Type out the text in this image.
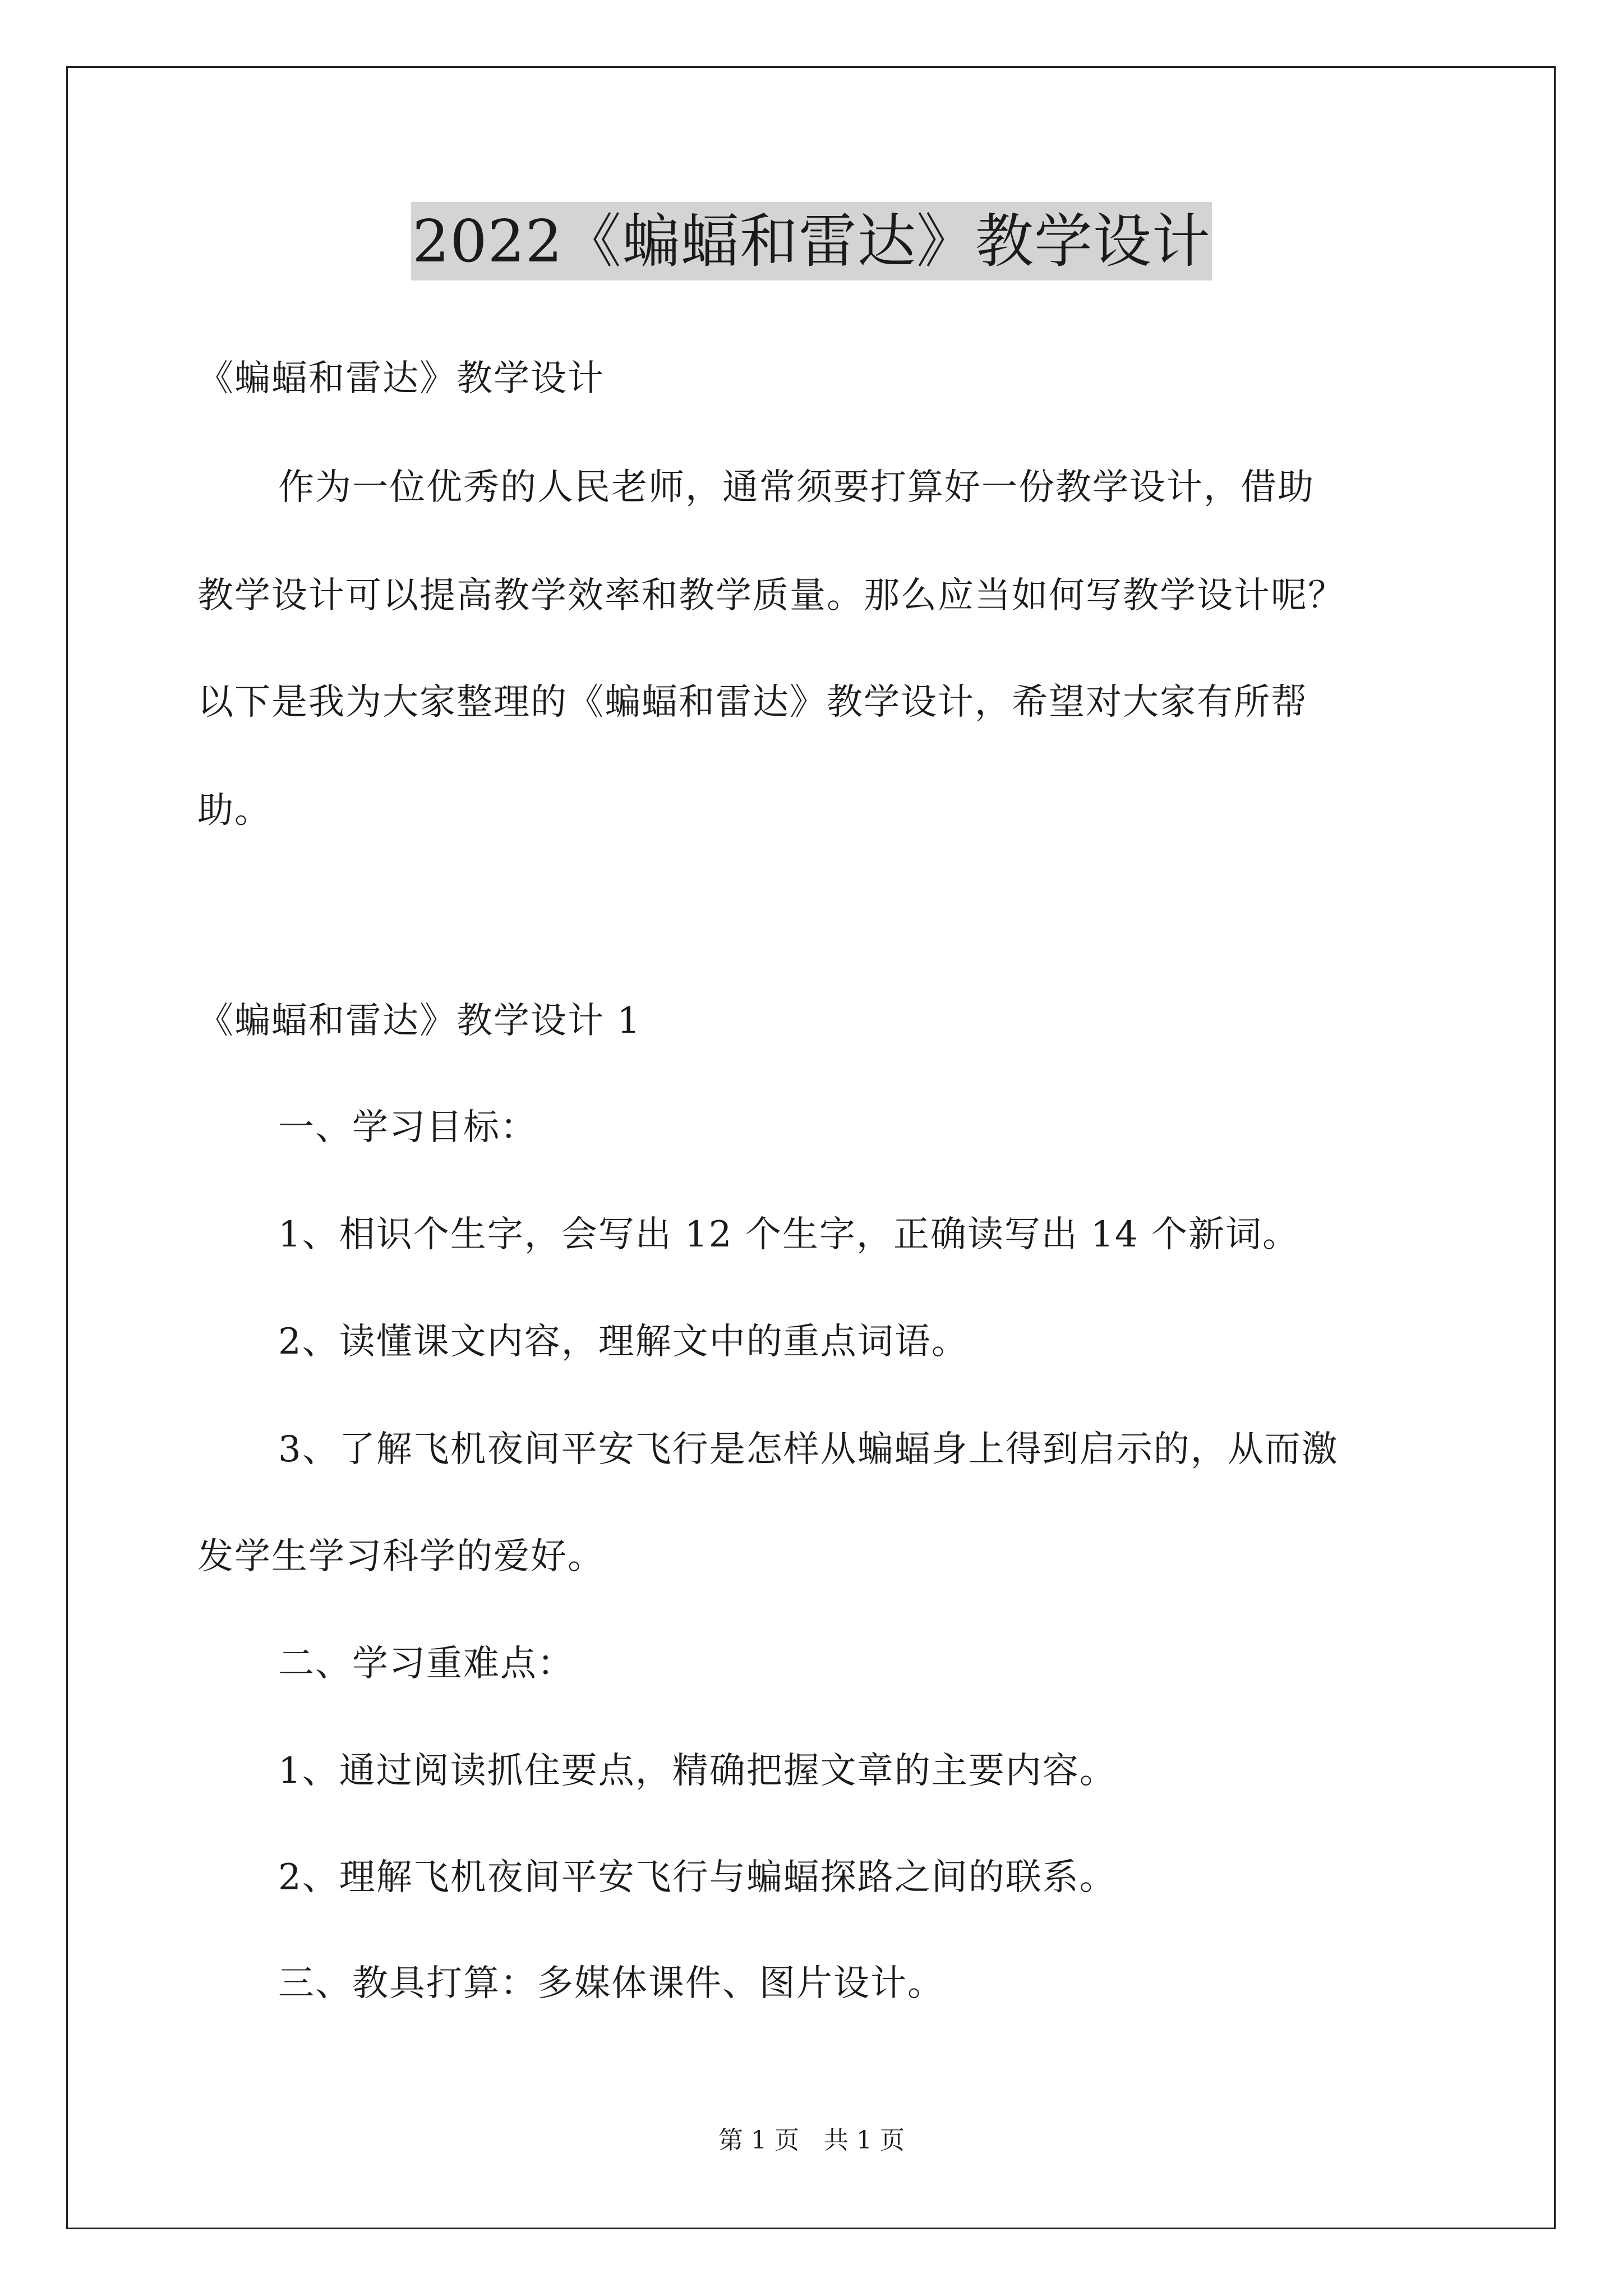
2022《蝙蝠和雷达》教学设计
《蝙蝠和雷达》教学设计
作为一位优秀的人民老师，通常须要打算好一份教学设计，借助
教学设计可以提高教学效率和教学质量。那么应当如何写教学设计呢？
以下是我为大家整理的《蝙蝠和雷达》教学设计，希望对大家有所帮
助。
《蝙蝠和雷达》教学设计 1
一、学习目标：
1、相识个生字，会写出 12 个生字，正确读写出 14 个新词。
2、读懂课文内容，理解文中的重点词语。
3、了解飞机夜间平安飞行是怎样从蝙蝠身上得到启示的，从而激
发学生学习科学的爱好。
二、学习重难点：
1、通过阅读抓住要点，精确把握文章的主要内容。
2、理解飞机夜间平安飞行与蝙蝠探路之间的联系。
三、教具打算：多媒体课件、图片设计。
第 1 页　共 1 页
